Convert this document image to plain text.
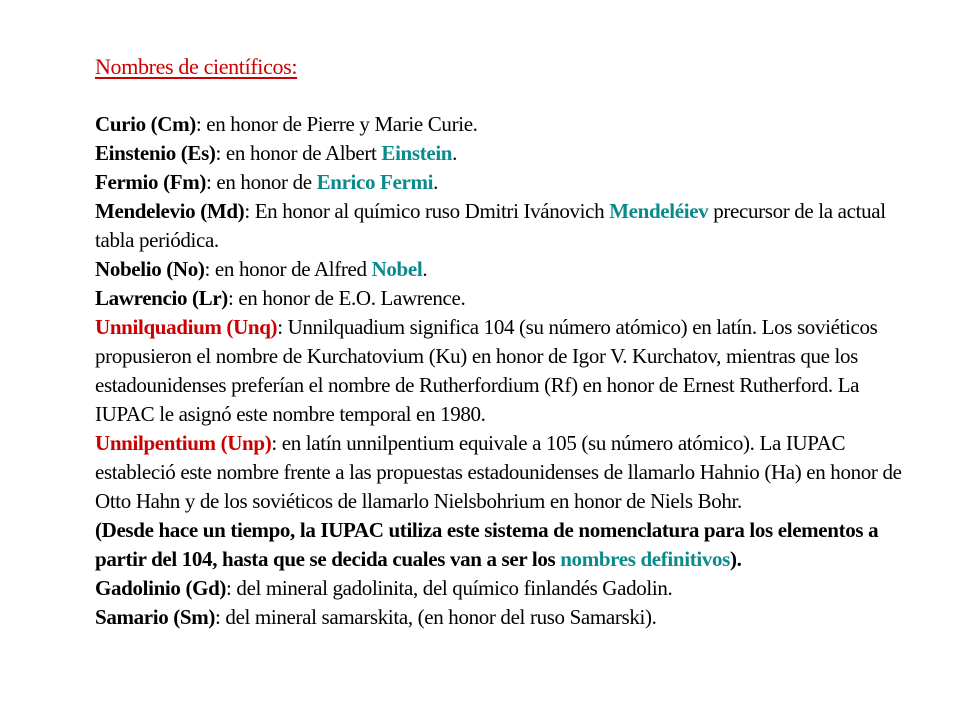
Nombres de científicos:

Curio (Cm): en honor de Pierre y Marie Curie.

Einstenio (Es): en honor de Albert Einstein.

Fermio (Fm): en honor de Enrico Fermi.

Mendelevio (Md): En honor al químico ruso Dmitri Ivánovich Mendeléiev precursor de la actual tabla periódica.

Nobelio (No): en honor de Alfred Nobel.

Lawrencio (Lr): en honor de E.O. Lawrence.

Unnilquadium (Unq): Unnilquadium significa 104 (su número atómico) en latín. Los soviéticos propusieron el nombre de Kurchatovium (Ku) en honor de Igor V. Kurchatov, mientras que los estadounidenses preferían el nombre de Rutherfordium (Rf) en honor de Ernest Rutherford. La IUPAC le asignó este nombre temporal en 1980.

Unnilpentium (Unp): en latín unnilpentium equivale a 105 (su número atómico). La IUPAC estableció este nombre frente a las propuestas estadounidenses de llamarlo Hahnio (Ha) en honor de Otto Hahn y de los soviéticos de llamarlo Nielsbohrium en honor de Niels Bohr.

(Desde hace un tiempo, la IUPAC utiliza este sistema de nomenclatura para los elementos a partir del 104, hasta que se decida cuales van a ser los nombres definitivos).

Gadolinio (Gd): del mineral gadolinita, del químico finlandés Gadolin.

Samario (Sm): del mineral samarskita, (en honor del ruso Samarski).
